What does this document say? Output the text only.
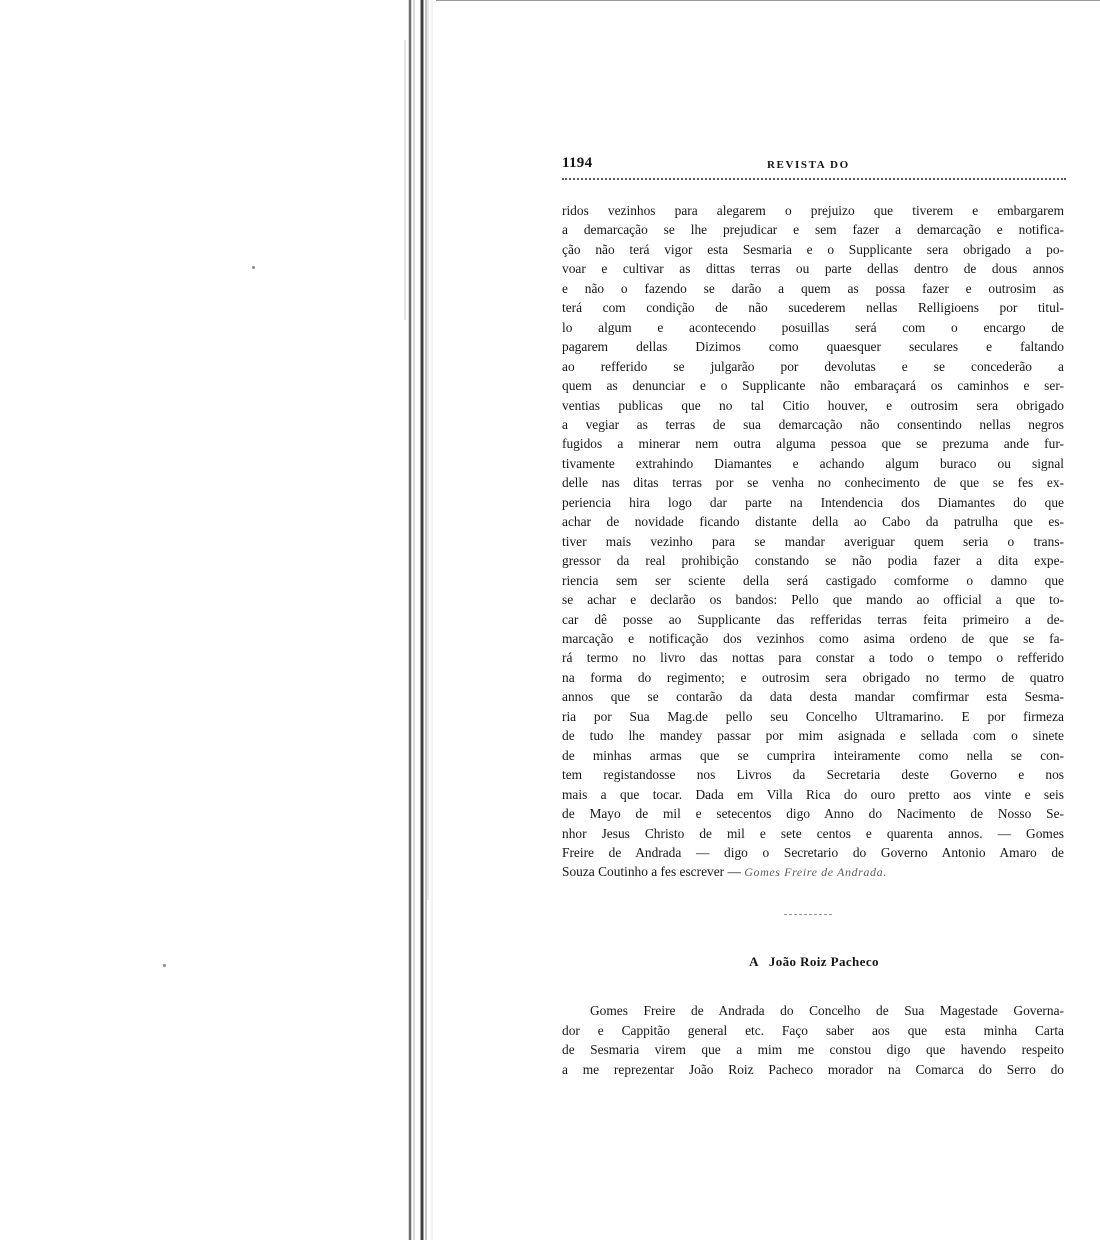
1194	REVISTA DO
ridos vezinhos para alegarem o prejuizo que tiverem e embargarem
a demarcação se lhe prejudicar e sem fazer a demarcação e notifica-
ção não terá vigor esta Sesmaria e o Supplicante sera obrigado a po-
voar e cultivar as dittas terras ou parte dellas dentro de dous annos
e não o fazendo se darão a quem as possa fazer e outrosim as
terá com condição de não sucederem nellas Relligioens por titul-
lo algum e acontecendo posuillas será com o encargo de
pagarem dellas Dizimos como quaesquer seculares e faltando
ao refferido se julgarão por devolutas e se concederão a
quem as denunciar e o Supplicante não embaraçará os caminhos e ser-
ventias publicas que no tal Citio houver, e outrosim sera obrigado
a vegiar as terras de sua demarcação não consentindo nellas negros
fugidos a minerar nem outra alguma pessoa que se prezuma ande fur-
tivamente extrahindo Diamantes e achando algum buraco ou signal
delle nas ditas terras por se venha no conhecimento de que se fes ex-
periencia hira logo dar parte na Intendencia dos Diamantes do que
achar de novidade ficando distante della ao Cabo da patrulha que es-
tiver mais vezinho para se mandar averiguar quem seria o trans-
gressor da real prohibição constando se não podia fazer a dita expe-
riencia sem ser sciente della será castigado comforme o damno que
se achar e declarão os bandos: Pello que mando ao official a que to-
car dê posse ao Supplicante das refferidas terras feita primeiro a de-
marcação e notificação dos vezinhos como asima ordeno de que se fa-
rá termo no livro das nottas para constar a todo o tempo o refferido
na forma do regimento; e outrosim sera obrigado no termo de quatro
annos que se contarão da data desta mandar comfirmar esta Sesma-
ria por Sua Mag.de pello seu Concelho Ultramarino. E por firmeza
de tudo lhe mandey passar por mim asignada e sellada com o sinete
de minhas armas que se cumprira inteiramente como nella se con-
tem registandosse nos Livros da Secretaria deste Governo e nos
mais a que tocar. Dada em Villa Rica do ouro pretto aos vinte e seis
de Mayo de mil e setecentos digo Anno do Nacimento de Nosso Se-
nhor Jesus Christo de mil e sete centos e quarenta annos. — Gomes
Freire de Andrada — digo o Secretario do Governo Antonio Amaro de
Souza Coutinho a fes escrever — Gomes Freire de Andrada.
A João Roiz Pacheco
Gomes Freire de Andrada do Concelho de Sua Magestade Governa-
dor e Cappitão general etc. Faço saber aos que esta minha Carta
de Sesmaria virem que a mim me constou digo que havendo respeito
a me reprezentar João Roiz Pacheco morador na Comarca do Serro do
